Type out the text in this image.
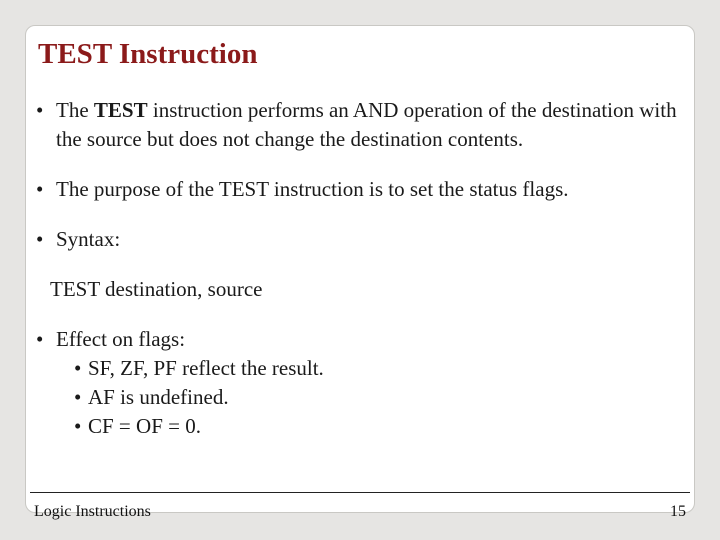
TEST Instruction
• The TEST instruction performs an AND operation of the destination with the source but does not change the destination contents.
• The purpose of the TEST instruction is to set the status flags.
• Syntax:
TEST destination, source
• Effect on flags:
• SF, ZF, PF reflect the result.
• AF is undefined.
• CF = OF = 0.
Logic Instructions	15
